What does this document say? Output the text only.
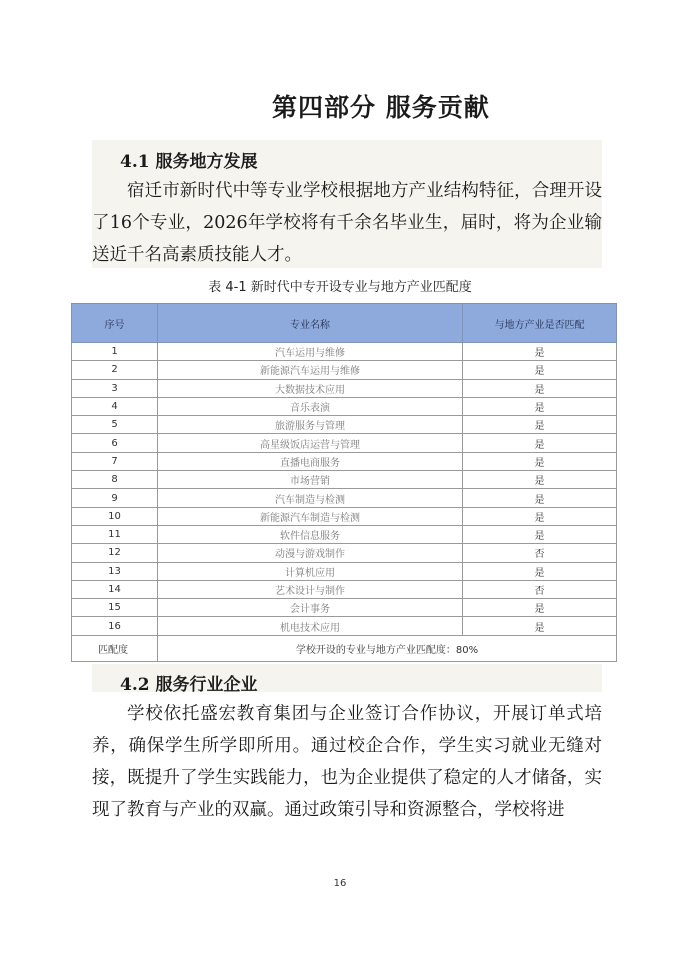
第四部分 服务贡献
4.1 服务地方发展

宿迁市新时代中等专业学校根据地方产业结构特征，合理开设了16个专业，2026年学校将有千余名毕业生，届时，将为企业输送近千名高素质技能人才。

表 4-1 新时代中专开设专业与地方产业匹配度
序号	专业名称	与地方产业是否匹配
1	汽车运用与维修	是
2	新能源汽车运用与维修	是
3	大数据技术应用	是
4	音乐表演	是
5	旅游服务与管理	是
6	高星级饭店运营与管理	是
7	直播电商服务	是
8	市场营销	是
9	汽车制造与检测	是
10	新能源汽车制造与检测	是
11	软件信息服务	是
12	动漫与游戏制作	否
13	计算机应用	是
14	艺术设计与制作	否
15	会计事务	是
16	机电技术应用	是
匹配度	学校开设的专业与地方产业匹配度：80%	
4.2 服务行业企业

学校依托盛宏教育集团与企业签订合作协议，开展订单式培养，确保学生所学即所用。通过校企合作，学生实习就业无缝对接，既提升了学生实践能力，也为企业提供了稳定的人才储备，实现了教育与产业的双赢。通过政策引导和资源整合，学校将进

16
